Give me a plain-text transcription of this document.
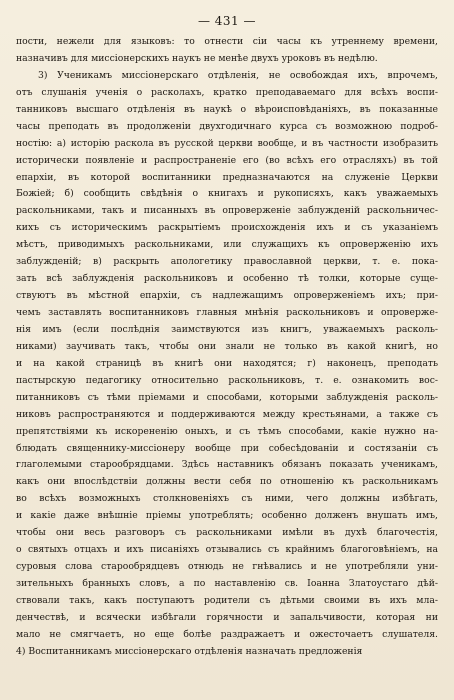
— 431 —
пости, нежели для языковъ: то отнести сіи часы къ утреннему времени,
назначивъ для миссіонерскихъ наукъ не менѣе двухъ уроковъ въ недѣлю.
3) Ученикамъ миссіонерскаго отдѣленія, не освобождая ихъ, впрочемъ,
отъ слушанія ученія о расколахъ, кратко преподаваемаго для всѣхъ воспи-
танниковъ высшаго отдѣленія въ наукѣ о вѣроисповѣданіяхъ, въ показанные
часы преподать въ продолженіи двухгодичнаго курса съ возможною подроб-
ностію: а) исторію раскола въ русской церкви вообще, и въ частности изобразить
исторически появленіе и распространеніе его (во всѣхъ его отрасляхъ) въ той
епархіи, въ которой воспитанники предназначаются на служеніе Церкви
Божіей; б) сообщить свѣдѣнія о книгахъ и рукописяхъ, какъ уважаемыхъ
раскольниками, такъ и писанныхъ въ опроверженіе заблужденій раскольничес-
кихъ съ историческимъ раскрытіемъ происхожденія ихъ и съ указаніемъ
мѣстъ, приводимыхъ раскольниками, или служащихъ къ опроверженію ихъ
заблужденій; в) раскрыть апологетику православной церкви, т. е. пока-
зать всѣ заблужденія раскольниковъ и особенно тѣ толки, которые суще-
ствуютъ въ мѣстной епархіи, съ надлежащимъ опроверженіемъ ихъ; при-
чемъ заставлять воспитанниковъ главныя мнѣнія раскольниковъ и опроверже-
нія имъ (если послѣднія заимствуются изъ книгъ, уважаемыхъ расколь-
никами) заучивать такъ, чтобы они знали не только въ какой книгѣ, но
и на какой страницѣ въ книгѣ они находятся; г) наконецъ, преподать
пастырскую педагогику относительно раскольниковъ, т. е. ознакомить вос-
питанниковъ съ тѣми пріемами и способами, которыми заблужденія расколь-
никовъ распространяются и поддерживаются между крестьянами, а также съ
препятствіями къ искорененію оныхъ, и съ тѣмъ способами, какіе нужно на-
блюдать священнику-миссіонеру вообще при собесѣдованіи и состязаніи съ
глаголемыми старообрядцами. Здѣсь наставникъ обязанъ показать ученикамъ,
какъ они впослѣдствіи должны вести себя по отношенію къ раскольникамъ
во всѣхъ возможныхъ столкновеніяхъ съ ними, чего должны избѣгать,
и какіе даже внѣшніе пріемы употреблять; особенно долженъ внушать имъ,
чтобы они весь разговоръ съ раскольниками имѣли въ духѣ благочестія,
о святыхъ отцахъ и ихъ писаніяхъ отзывались съ крайнимъ благоговѣніемъ, на
суровыя слова старообрядцевъ отнюдь не гнѣвались и не употребляли уни-
зительныхъ бранныхъ словъ, а по наставленію св. Іоанна Златоустаго дѣй-
ствовали такъ, какъ поступаютъ родители съ дѣтьми своими въ ихъ мла-
денчествѣ, и всячески избѣгали горячности и запальчивости, которая ни
мало не смягчаетъ, но еще болѣе раздражаетъ и ожесточаетъ слушателя.
4) Воспитанникамъ миссіонерскаго отдѣленія назначать предложенія
